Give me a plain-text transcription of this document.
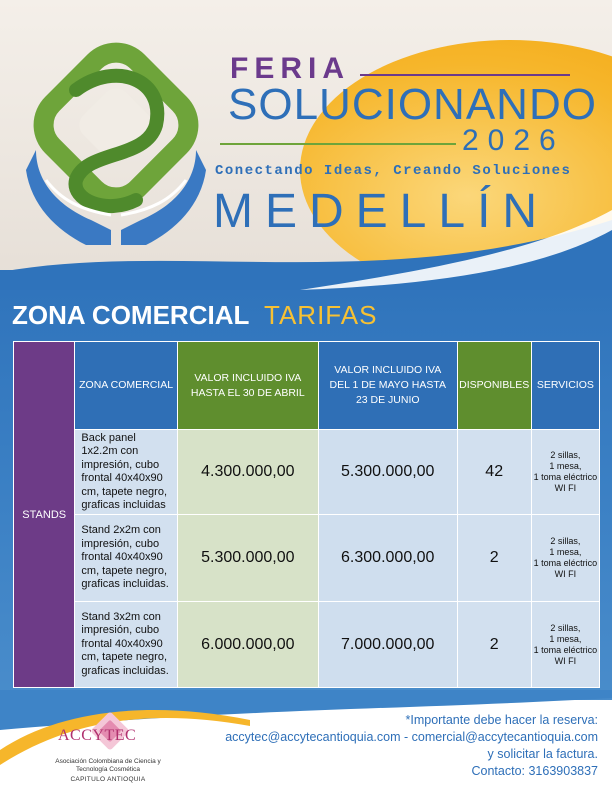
FERIA
SOLUCIONANDO
2026
Conectando Ideas, Creando Soluciones
MEDELLÍN
ZONA COMERCIAL TARIFAS
STANDS	ZONA COMERCIAL	VALOR INCLUIDO IVA HASTA EL 30 DE ABRIL	VALOR INCLUIDO IVA DEL 1 DE MAYO HASTA 23 DE JUNIO	DISPONIBLES	SERVICIOS
	Back panel 1x2.2m con impresión, cubo frontal 40x40x90 cm, tapete negro, graficas incluidas	4.300.000,00	5.300.000,00	42	2 sillas,
1 mesa,
1 toma eléctrico
WI FI

	Stand 2x2m con impresión, cubo frontal 40x40x90 cm, tapete negro, graficas incluidas.	5.300.000,00	6.300.000,00	2	2 sillas,
1 mesa,
1 toma eléctrico
WI FI

	Stand 3x2m con impresión, cubo frontal 40x40x90 cm, tapete negro, graficas incluidas.	6.000.000,00	7.000.000,00	2	2 sillas,
1 mesa,
1 toma eléctrico
WI FI
ACCYTEC
Asociación Colombiana de Ciencia y Tecnología Cosmética
CAPITULO ANTIOQUIA
*Importante debe hacer la reserva:
accytec@accytecantioquia.com - comercial@accytecantioquia.com
y solicitar la factura.
Contacto: 3163903837
